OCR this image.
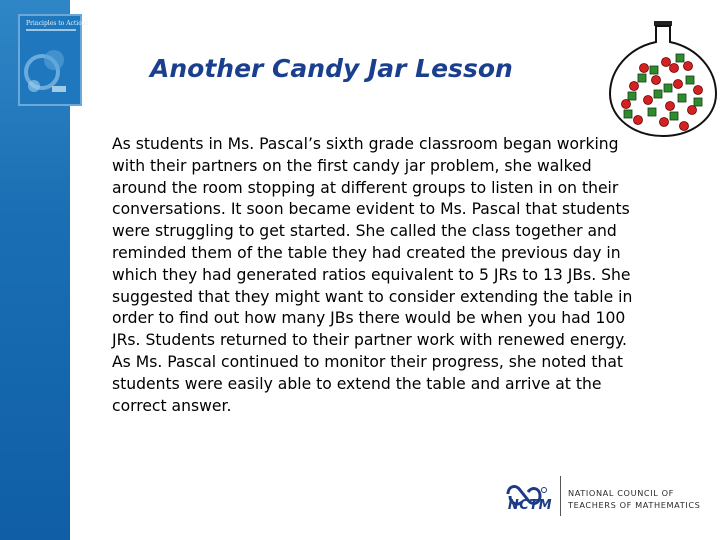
Principles to Actions
Another Candy Jar Lesson

As students in Ms. Pascal’s sixth grade classroom began working with their partners on the first candy jar problem, she walked around the room stopping at different groups to listen in on their conversations. It soon became evident to Ms. Pascal that students were struggling to get started. She called the class together and reminded them of the table they had created the previous day in which they had generated ratios equivalent to 5 JRs to 13 JBs. She suggested that they might want to consider extending the table in order to find out how many JBs there would be when you had 100 JRs. Students returned to their partner work with renewed energy. As Ms. Pascal continued to monitor their progress, she noted that students were easily able to extend the table and arrive at the correct answer.

NCTM
NATIONAL COUNCIL OF
TEACHERS OF MATHEMATICS
